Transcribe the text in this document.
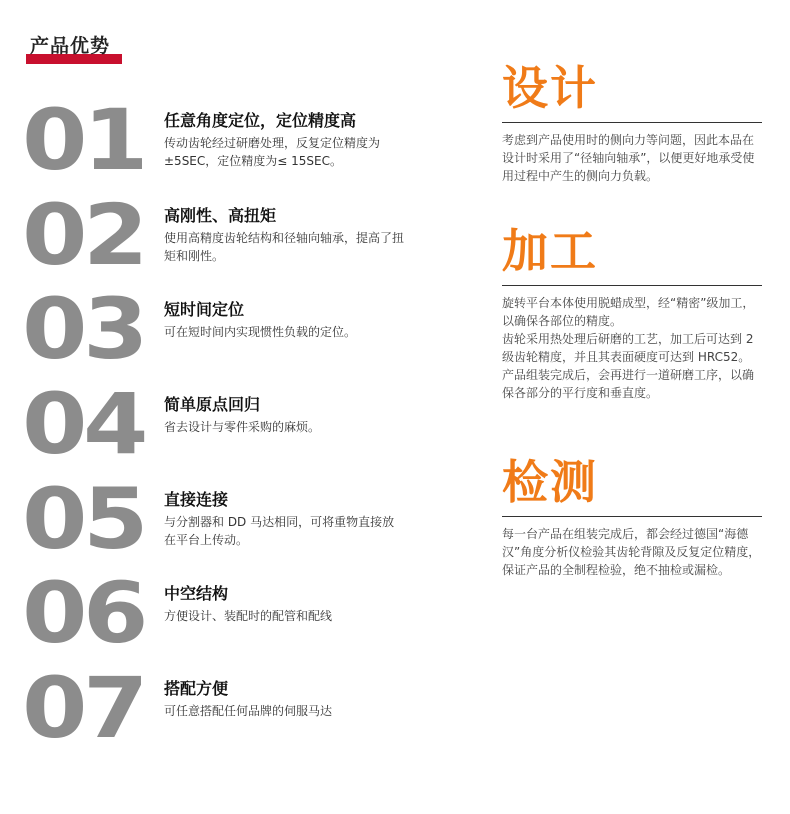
产品优势
01 任意角度定位，定位精度高
传动齿轮经过研磨处理，反复定位精度为 ±5SEC，定位精度为≤ 15SEC。
02 高刚性、高扭矩
使用高精度齿轮结构和径轴向轴承，提高了扭矩和刚性。
03 短时间定位
可在短时间内实现惯性负载的定位。
04 简单原点回归
省去设计与零件采购的麻烦。
05 直接连接
与分割器和 DD 马达相同，可将重物直接放在平台上传动。
06 中空结构
方便设计、装配时的配管和配线
07 搭配方便
可任意搭配任何品牌的伺服马达
设计

考虑到产品使用时的侧向力等问题，因此本品在设计时采用了“径轴向轴承”，以便更好地承受使用过程中产生的侧向力负载。

加工

旋转平台本体使用脱蜡成型，经“精密”级加工，以确保各部位的精度。

齿轮采用热处理后研磨的工艺，加工后可达到 2 级齿轮精度，并且其表面硬度可达到 HRC52。

产品组装完成后，会再进行一道研磨工序，以确保各部分的平行度和垂直度。

检测

每一台产品在组装完成后，都会经过德国“海德汉”角度分析仪检验其齿轮背隙及反复定位精度，保证产品的全制程检验，绝不抽检或漏检。
